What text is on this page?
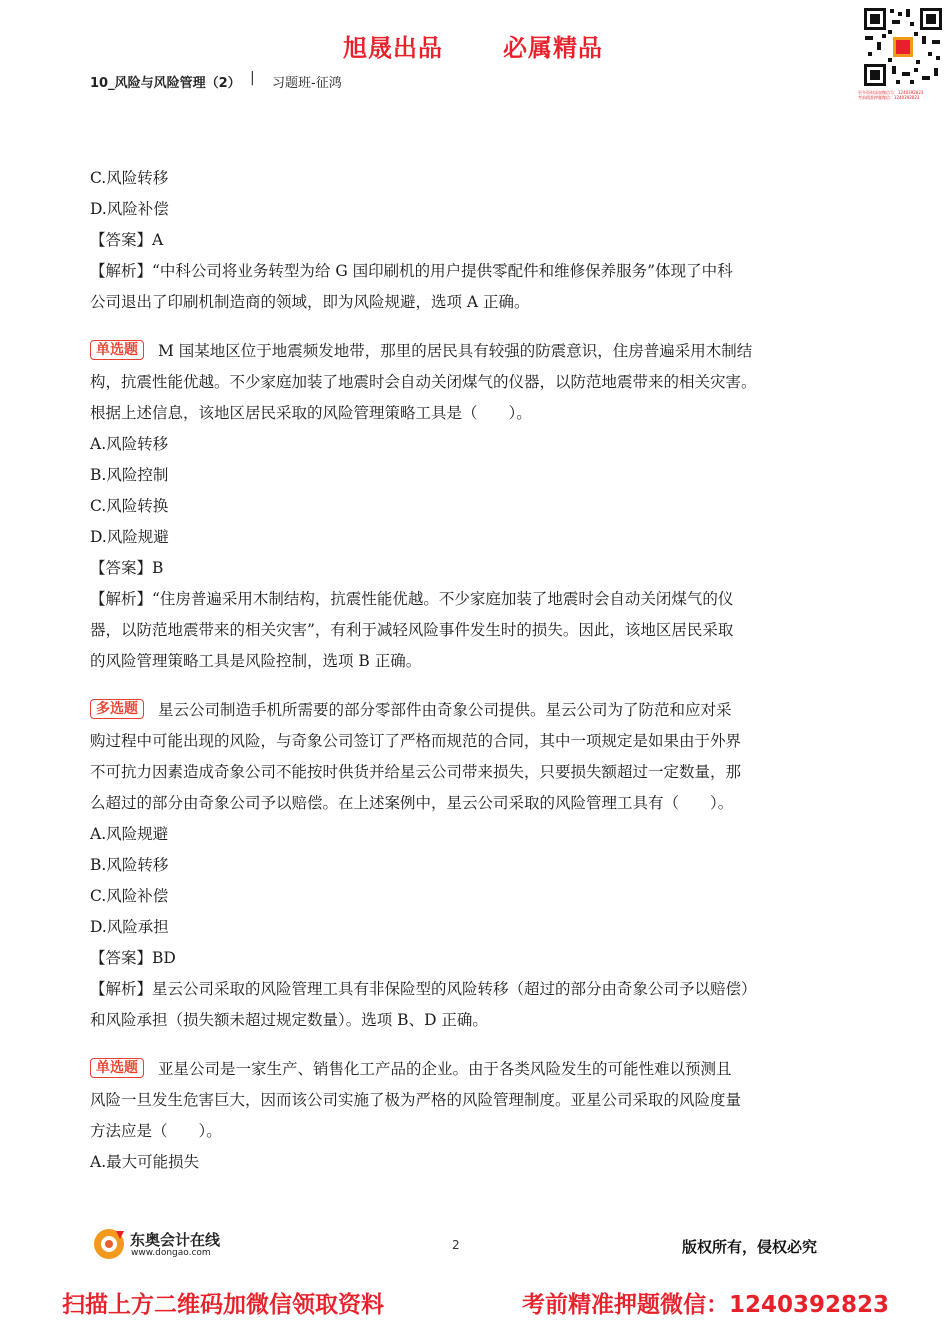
旭晟出品	必属精品
10_风险与风险管理（2） | 习题班-征鸿
更多资料添加微信号：1240392823
考前精准押题微信：1240392823
C.风险转移
D.风险补偿
【答案】A
【解析】“中科公司将业务转型为给 G 国印刷机的用户提供零配件和维修保养服务”体现了中科
公司退出了印刷机制造商的领域，即为风险规避，选项 A 正确。
单选题 M 国某地区位于地震频发地带，那里的居民具有较强的防震意识，住房普遍采用木制结
构，抗震性能优越。不少家庭加装了地震时会自动关闭煤气的仪器，以防范地震带来的相关灾害。
根据上述信息，该地区居民采取的风险管理策略工具是（　　）。
A.风险转移
B.风险控制
C.风险转换
D.风险规避
【答案】B
【解析】“住房普遍采用木制结构，抗震性能优越。不少家庭加装了地震时会自动关闭煤气的仪
器，以防范地震带来的相关灾害”，有利于减轻风险事件发生时的损失。因此，该地区居民采取
的风险管理策略工具是风险控制，选项 B 正确。
多选题 星云公司制造手机所需要的部分零部件由奇象公司提供。星云公司为了防范和应对采
购过程中可能出现的风险，与奇象公司签订了严格而规范的合同，其中一项规定是如果由于外界
不可抗力因素造成奇象公司不能按时供货并给星云公司带来损失，只要损失额超过一定数量，那
么超过的部分由奇象公司予以赔偿。在上述案例中，星云公司采取的风险管理工具有（　　）。
A.风险规避
B.风险转移
C.风险补偿
D.风险承担
【答案】BD
【解析】星云公司采取的风险管理工具有非保险型的风险转移（超过的部分由奇象公司予以赔偿）
和风险承担（损失额未超过规定数量）。选项 B、D 正确。
单选题 亚星公司是一家生产、销售化工产品的企业。由于各类风险发生的可能性难以预测且
风险一旦发生危害巨大，因而该公司实施了极为严格的风险管理制度。亚星公司采取的风险度量
方法应是（　　）。
A.最大可能损失
东奥会计在线
www.dongao.com
2	版权所有，侵权必究
扫描上方二维码加微信领取资料	考前精准押题微信：1240392823
